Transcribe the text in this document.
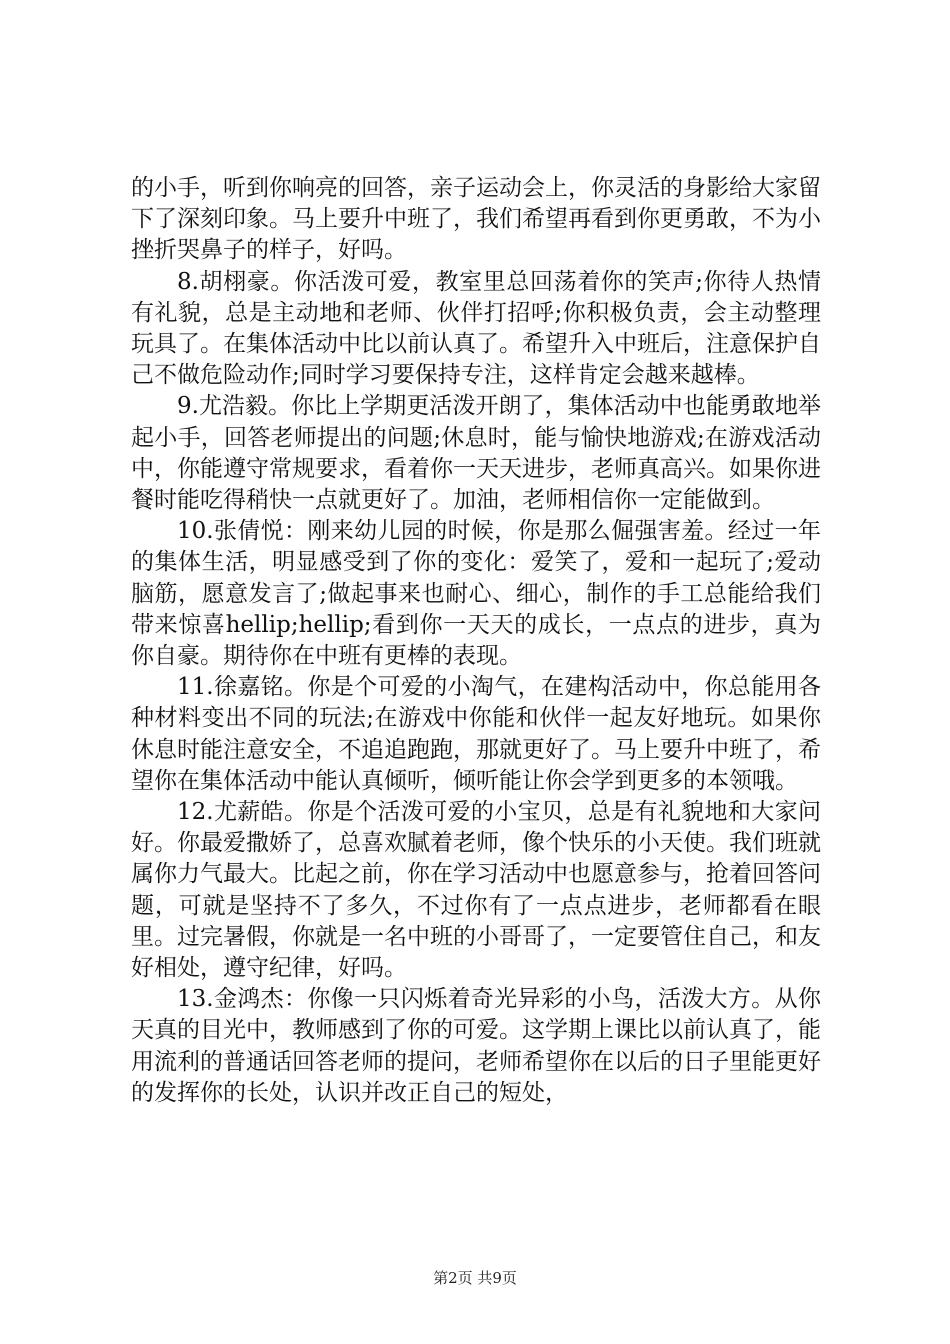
的小手，听到你响亮的回答，亲子运动会上，你灵活的身影给大家留下了深刻印象。马上要升中班了，我们希望再看到你更勇敢，不为小挫折哭鼻子的样子，好吗。

8.胡栩豪。你活泼可爱，教室里总回荡着你的笑声;你待人热情有礼貌，总是主动地和老师、伙伴打招呼;你积极负责，会主动整理玩具了。在集体活动中比以前认真了。希望升入中班后，注意保护自己不做危险动作;同时学习要保持专注，这样肯定会越来越棒。

9.尤浩毅。你比上学期更活泼开朗了，集体活动中也能勇敢地举起小手，回答老师提出的问题;休息时，能与愉快地游戏;在游戏活动中，你能遵守常规要求，看着你一天天进步，老师真高兴。如果你进餐时能吃得稍快一点就更好了。加油，老师相信你一定能做到。

10.张倩悦：刚来幼儿园的时候，你是那么倔强害羞。经过一年的集体生活，明显感受到了你的变化：爱笑了，爱和一起玩了;爱动脑筋，愿意发言了;做起事来也耐心、细心，制作的手工总能给我们带来惊喜hellip;hellip;看到你一天天的成长，一点点的进步，真为你自豪。期待你在中班有更棒的表现。

11.徐嘉铭。你是个可爱的小淘气，在建构活动中，你总能用各种材料变出不同的玩法;在游戏中你能和伙伴一起友好地玩。如果你休息时能注意安全，不追追跑跑，那就更好了。马上要升中班了，希望你在集体活动中能认真倾听，倾听能让你会学到更多的本领哦。

12.尤薪皓。你是个活泼可爱的小宝贝，总是有礼貌地和大家问好。你最爱撒娇了，总喜欢腻着老师，像个快乐的小天使。我们班就属你力气最大。比起之前，你在学习活动中也愿意参与，抢着回答问题，可就是坚持不了多久，不过你有了一点点进步，老师都看在眼里。过完暑假，你就是一名中班的小哥哥了，一定要管住自己，和友好相处，遵守纪律，好吗。

13.金鸿杰：你像一只闪烁着奇光异彩的小鸟，活泼大方。从你天真的目光中，教师感到了你的可爱。这学期上课比以前认真了，能用流利的普通话回答老师的提问，老师希望你在以后的日子里能更好的发挥你的长处，认识并改正自己的短处，

第2页 共9页
